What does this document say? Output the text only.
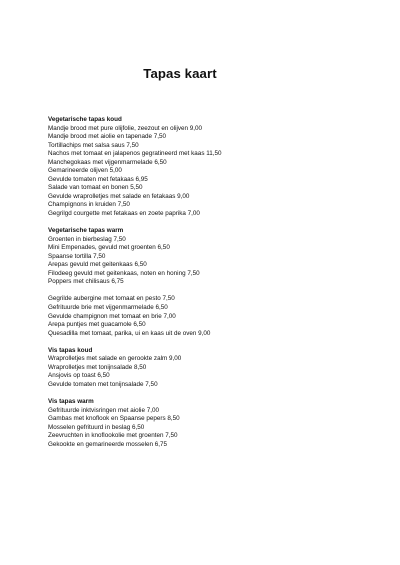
Tapas kaart
Vegetarische tapas koud
Mandje brood met pure olijfolie, zeezout en olijven 9,00
Mandje brood met aiolie en tapenade 7,50
Tortillachips met salsa saus 7,50
Nachos met tomaat en jalapenos gegratineerd met kaas 11,50
Manchegokaas met vijgenmarmelade 6,50
Gemarineerde olijven 5,00
Gevulde tomaten met fetakaas 6,95
Salade van tomaat en bonen 5,50
Gevulde wraprolletjes met salade en fetakaas 9,00
Champignons in kruiden 7,50
Gegrilgd courgette met fetakaas en zoete paprika 7,00
Vegetarische tapas warm
Groenten in bierbeslag 7,50
Mini Empenades, gevuld met groenten 6,50
Spaanse tortilla 7,50
Arepas gevuld met geitenkaas 6,50
Filodeeg gevuld met geitenkaas, noten en honing 7,50
Poppers met chilisaus 6,75
Gegrilde aubergine met tomaat en pesto 7,50
Gefrituurde brie met vijgenmarmelade 6,50
Gevulde champignon met tomaat en brie 7,00
Arepa puntjes met guacamole 6,50
Quesadilla met tomaat, parika, ui en kaas uit de oven 9,00
Vis tapas koud
Wraprolletjes met salade en gerookte zalm 9,00
Wraprolletjes met tonijnsalade 8,50
Ansjovis op toast 6,50
Gevulde tomaten met tonijnsalade 7,50
Vis tapas warm
Gefrituurde inktvisringen met aiolie 7,00
Gambas met knoflook en Spaanse pepers 8,50
Mosselen gefrituurd in beslag 6,50
Zeevruchten in knoflookolie met groenten 7,50
Gekookte en gemarineerde mosselen 6,75
